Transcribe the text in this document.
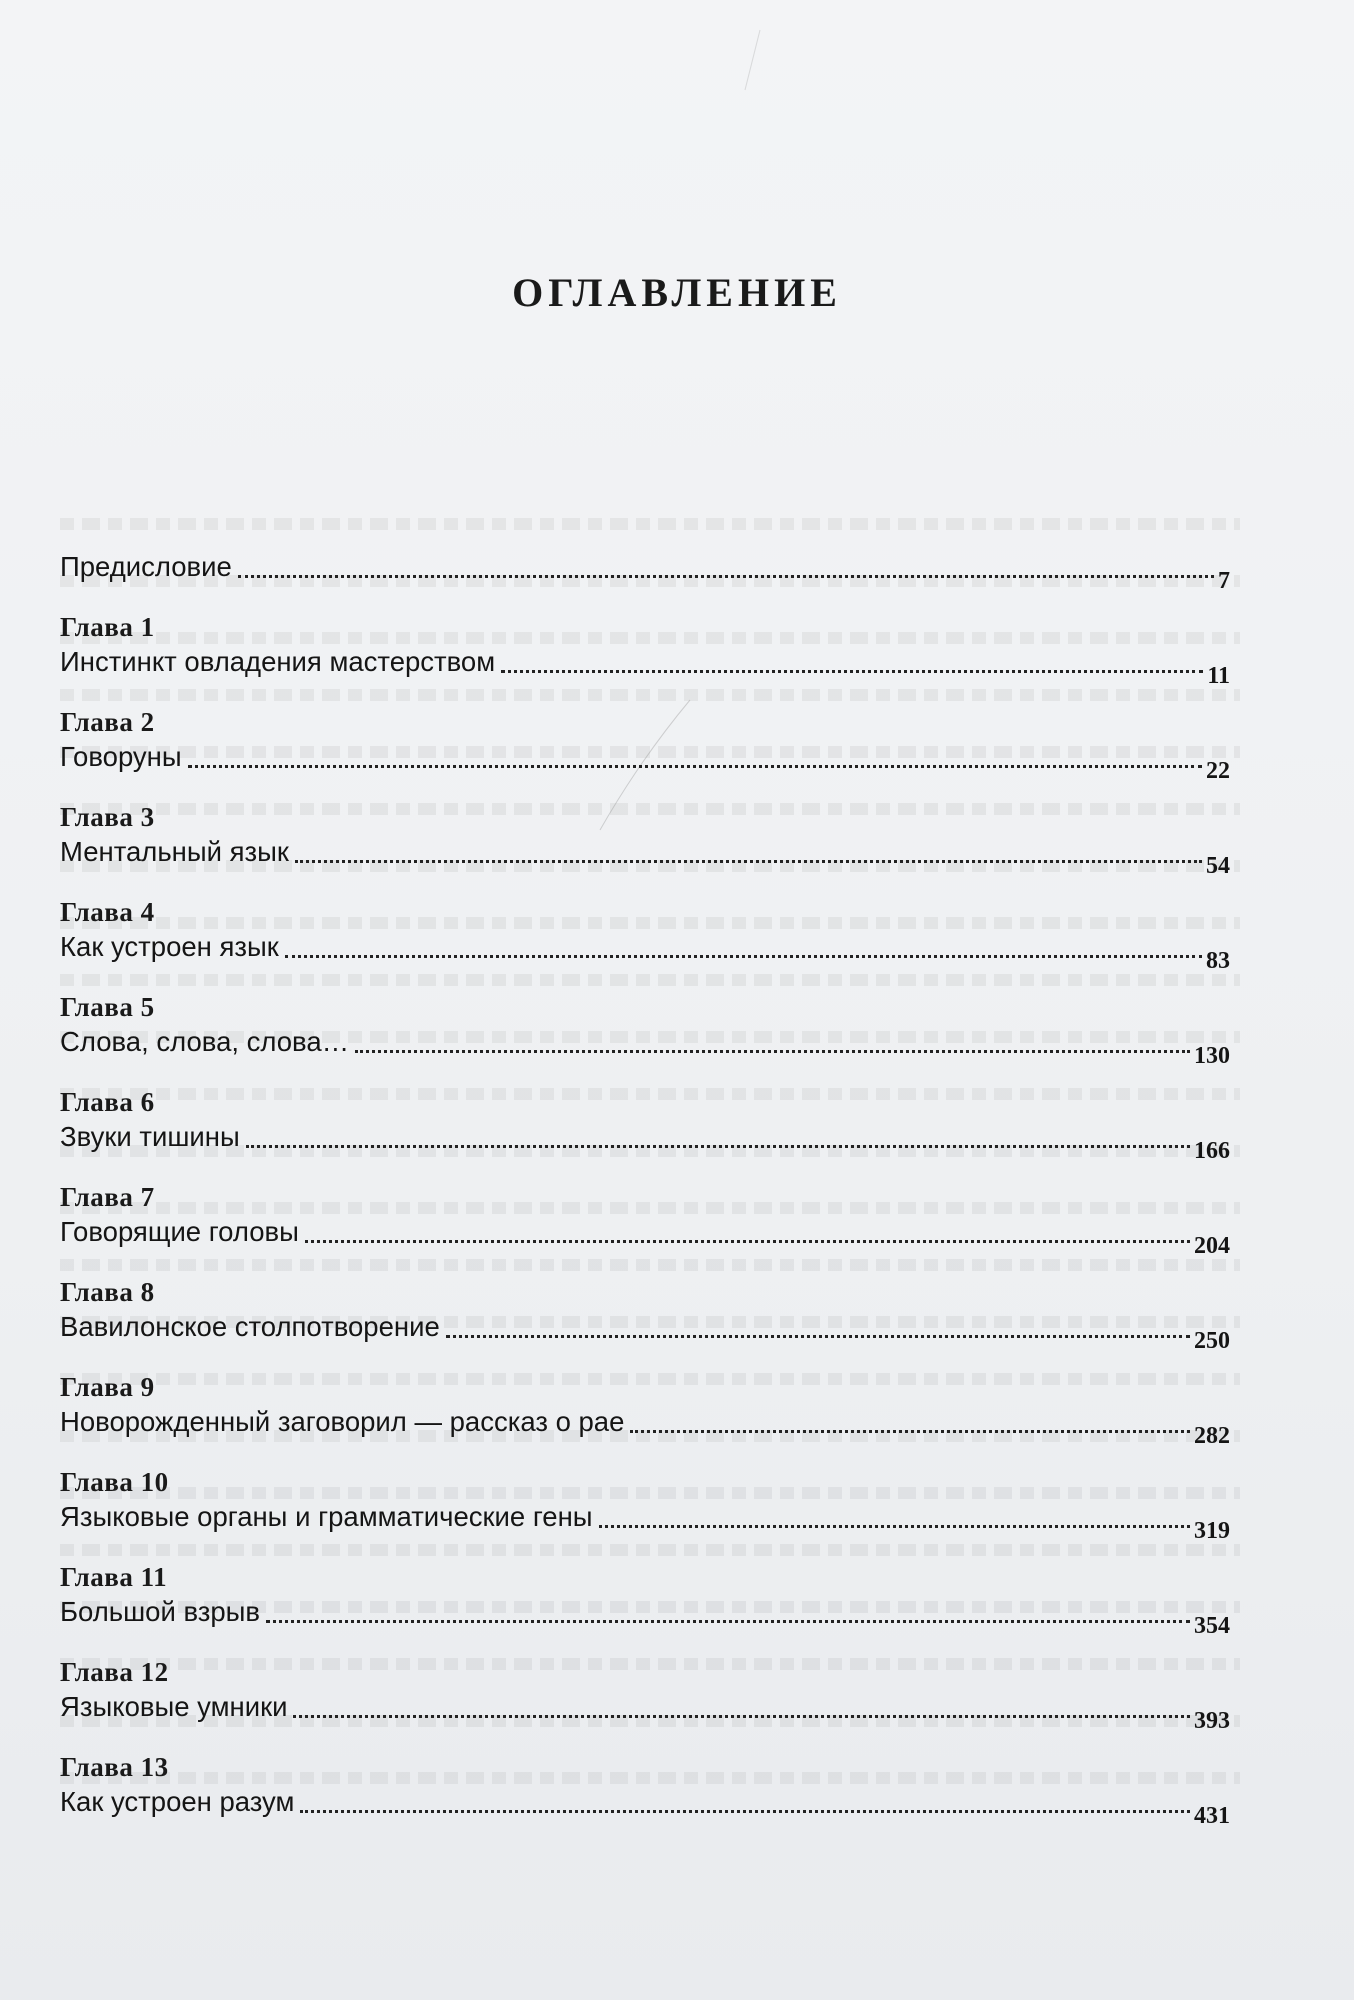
ОГЛАВЛЕНИЕ
Предисловие	7
Глава 1
Инстинкт овладения мастерством	11
Глава 2
Говоруны	22
Глава 3
Ментальный язык	54
Глава 4
Как устроен язык	83
Глава 5
Слова, слова, слова…	130
Глава 6
Звуки тишины	166
Глава 7
Говорящие головы	204
Глава 8
Вавилонское столпотворение	250
Глава 9
Новорожденный заговорил — рассказ о рае	282
Глава 10
Языковые органы и грамматические гены	319
Глава 11
Большой взрыв	354
Глава 12
Языковые умники	393
Глава 13
Как устроен разум	431
